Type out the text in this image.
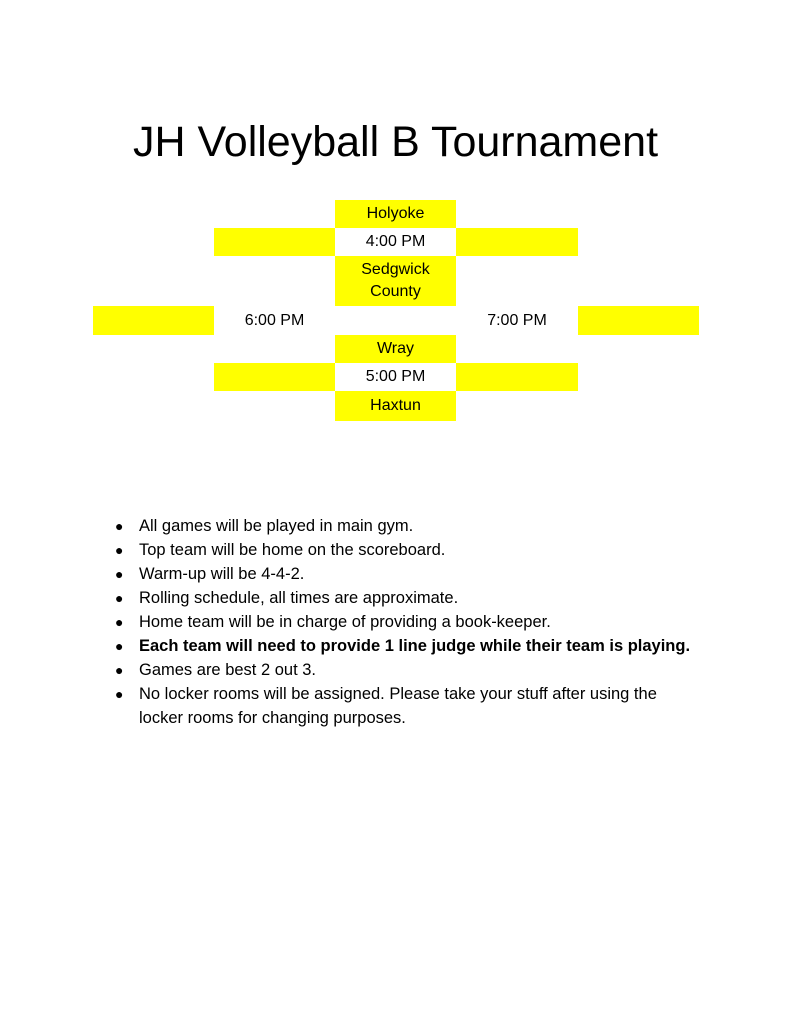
JH Volleyball B Tournament
Holyoke
4:00 PM
Sedgwick County
6:00 PM	7:00 PM
Wray
5:00 PM
Haxtun
● All games will be played in main gym.
● Top team will be home on the scoreboard.
● Warm-up will be 4-4-2.
● Rolling schedule, all times are approximate.
● Home team will be in charge of providing a book-keeper.
● Each team will need to provide 1 line judge while their team is playing.
● Games are best 2 out 3.
● No locker rooms will be assigned. Please take your stuff after using the locker rooms for changing purposes.
